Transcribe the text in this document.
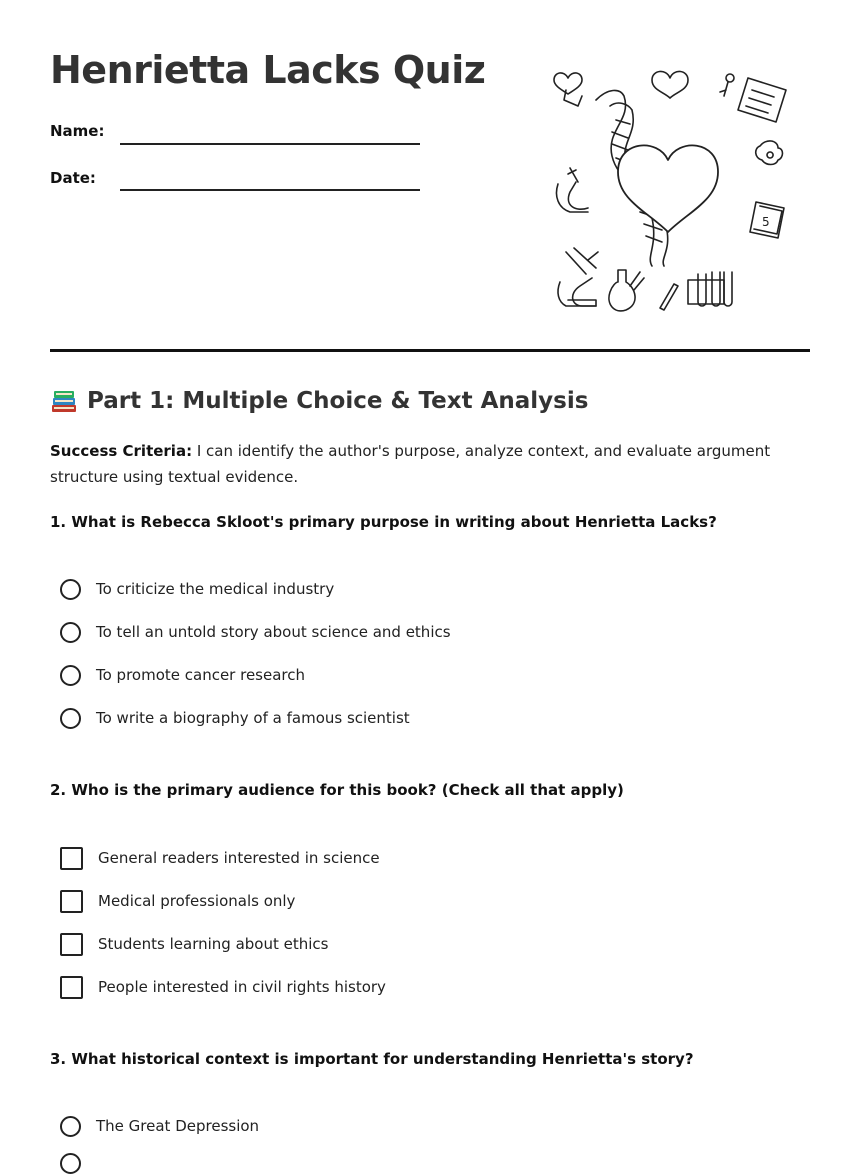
Henrietta Lacks Quiz
Name:
Date:
5
Part 1: Multiple Choice & Text Analysis

Success Criteria: I can identify the author's purpose, analyze context, and evaluate argument structure using textual evidence.

1. What is Rebecca Skloot's primary purpose in writing about Henrietta Lacks?

To criticize the medical industry
To tell an untold story about science and ethics
To promote cancer research
To write a biography of a famous scientist

2. Who is the primary audience for this book? (Check all that apply)

General readers interested in science
Medical professionals only
Students learning about ethics
People interested in civil rights history

3. What historical context is important for understanding Henrietta's story?

The Great Depression
